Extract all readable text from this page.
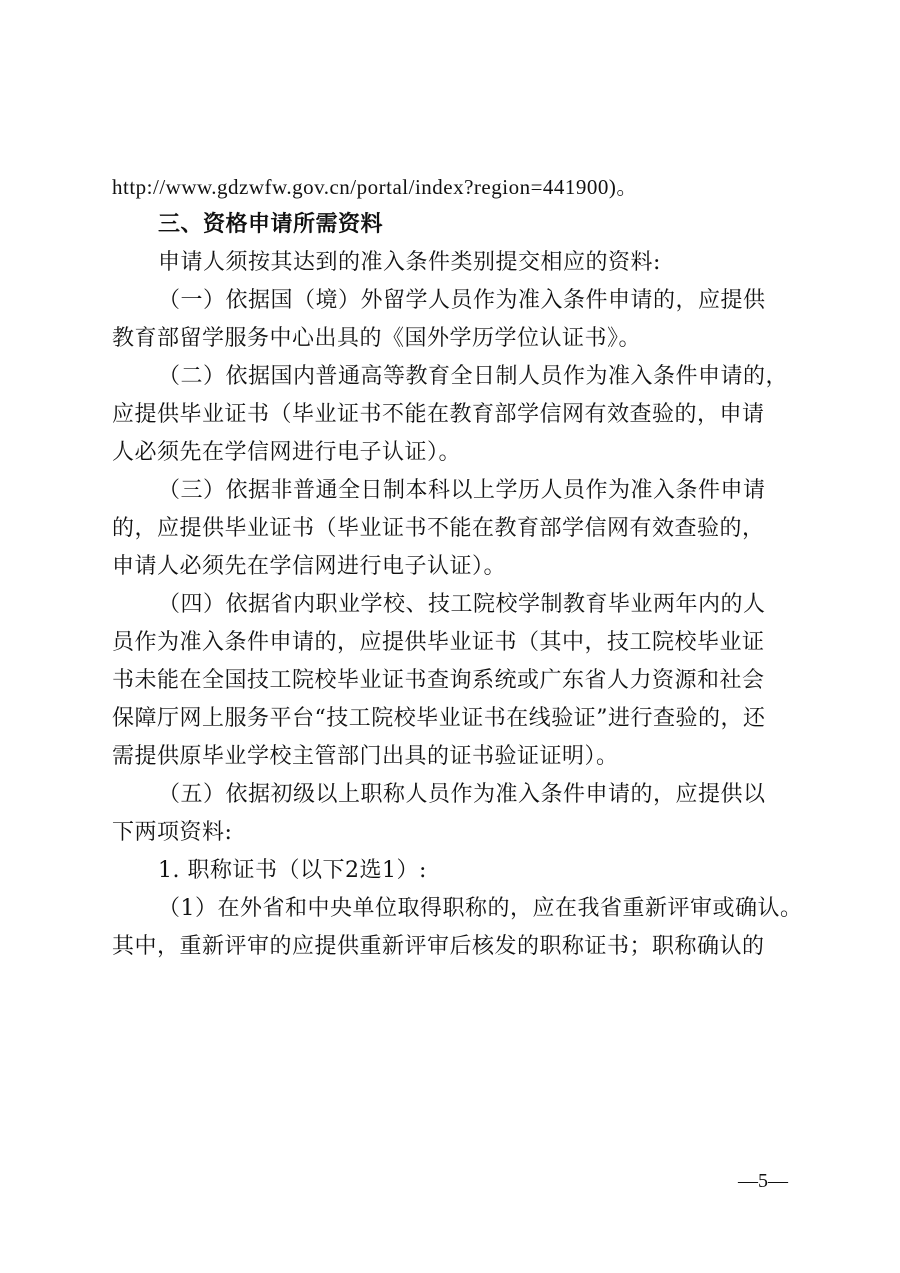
http://www.gdzwfw.gov.cn/portal/index?region=441900)。
三、资格申请所需资料
申请人须按其达到的准入条件类别提交相应的资料:
（一）依据国（境）外留学人员作为准入条件申请的，应提供
教育部留学服务中心出具的《国外学历学位认证书》。
（二）依据国内普通高等教育全日制人员作为准入条件申请的，
应提供毕业证书（毕业证书不能在教育部学信网有效查验的，申请
人必须先在学信网进行电子认证）。
（三）依据非普通全日制本科以上学历人员作为准入条件申请
的，应提供毕业证书（毕业证书不能在教育部学信网有效查验的，
申请人必须先在学信网进行电子认证）。
（四）依据省内职业学校、技工院校学制教育毕业两年内的人
员作为准入条件申请的，应提供毕业证书（其中，技工院校毕业证
书未能在全国技工院校毕业证书查询系统或广东省人力资源和社会
保障厅网上服务平台“技工院校毕业证书在线验证”进行查验的，还
需提供原毕业学校主管部门出具的证书验证证明）。
（五）依据初级以上职称人员作为准入条件申请的，应提供以
下两项资料:
1. 职称证书（以下2选1）:
（1）在外省和中央单位取得职称的，应在我省重新评审或确认。
其中，重新评审的应提供重新评审后核发的职称证书；职称确认的
—5—
